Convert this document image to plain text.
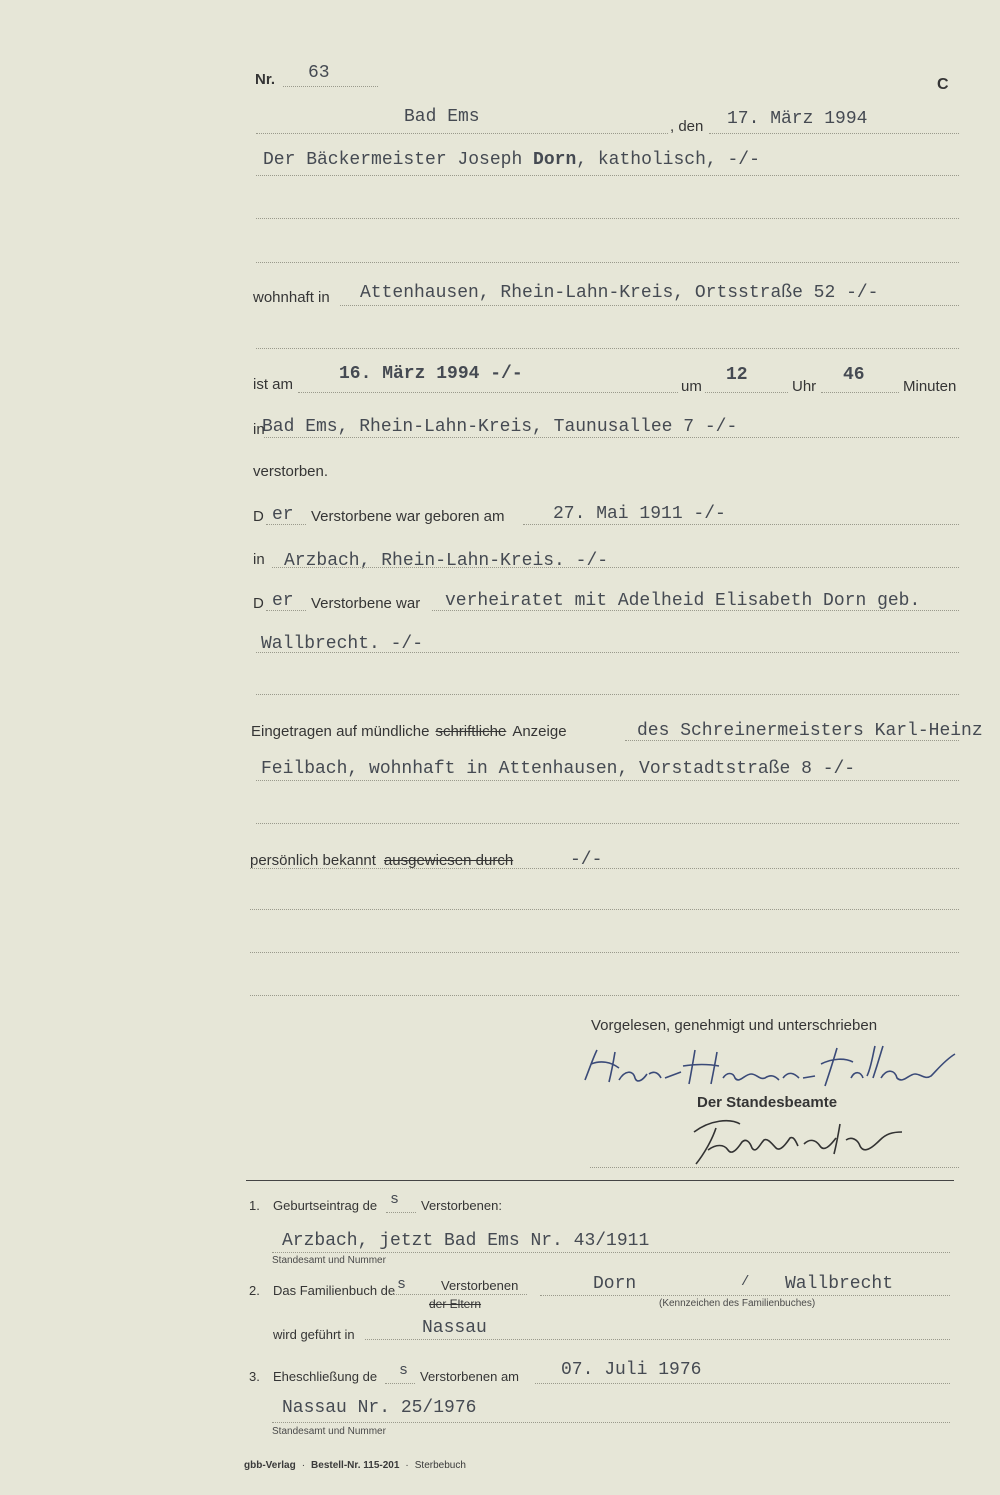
Nr. 63
C
Bad Ems	, den 17. März 1994
Der Bäckermeister Joseph Dorn, katholisch, -/-
wohnhaft in Attenhausen, Rhein-Lahn-Kreis, Ortsstraße 52 -/-
ist am
16. März 1994 -/-
um
12
Uhr
46
Minuten
in
Bad Ems, Rhein-Lahn-Kreis, Taunusallee 7 -/-
verstorben.
D er Verstorbene war geboren am	27. Mai 1911 -/-
in Arzbach, Rhein-Lahn-Kreis. -/-
D er Verstorbene war verheiratet mit Adelheid Elisabeth Dorn geb.
Wallbrecht. -/-
Eingetragen auf mündliche schriftliche Anzeige	des Schreinermeisters Karl-Heinz
Feilbach, wohnhaft in Attenhausen, Vorstadtstraße 8 -/-
persönlich bekannt ausgewiesen durch	-/-
Vorgelesen, genehmigt und unterschrieben
Der Standesbeamte
1. Geburtseintrag de s Verstorbenen:
Arzbach, jetzt Bad Ems Nr. 43/1911
Standesamt und Nummer
2. Das Familienbuch de s	Verstorbenen
der Eltern
Dorn	/ Wallbrecht
(Kennzeichen des Familienbuches)
wird geführt in	Nassau
3. Eheschließung de s Verstorbenen am 07. Juli 1976
Nassau Nr. 25/1976
Standesamt und Nummer
gbb-Verlag · Bestell-Nr. 115-201 · Sterbebuch
